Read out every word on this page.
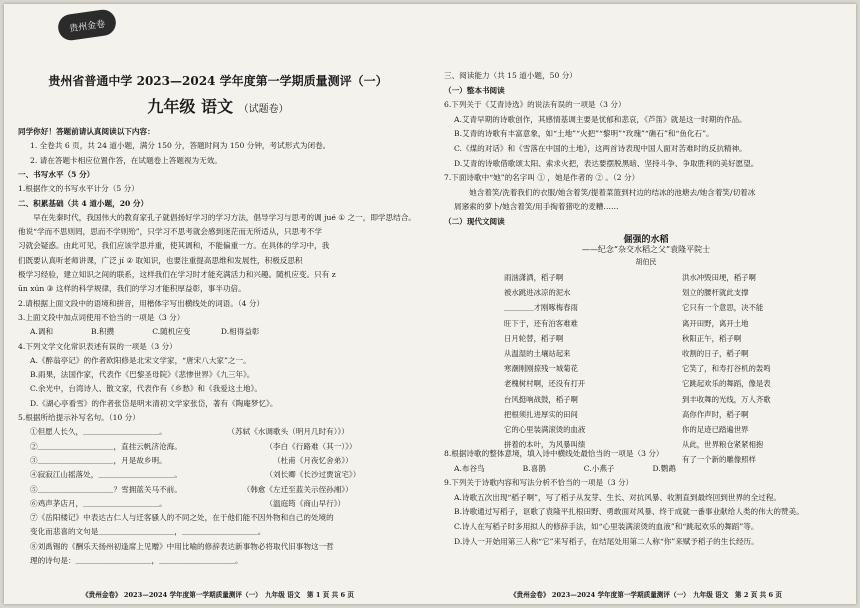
贵州金卷
贵州省普通中学 2023—2024 学年度第一学期质量测评（一）
九年级 语文 （试题卷）
同学你好！答题前请认真阅读以下内容：
1. 全卷共 6 页，共 24 道小题，满分 150 分，答题时间为 150 分钟，考试形式为闭卷。
2. 请在答题卡相应位置作答，在试题卷上答题视为无效。
一、书写水平（5 分）
1.根据作文的书写水平计分（5 分）
二、积累基础（共 4 道小题，20 分）
　　早在先秦时代，我国伟大的教育家孔子就倡扬好学习的学习方法，倡导学习与思考的调 jué ① 之一，即学思结合。
他说“学而不思则罔，思而不学则殆”，只学习不思考就会感到迷茫而无所适从，只思考不学
习就会疑惑。由此可见，我们应该学思并重，使其调和，不能偏重一方。在具体的学习中，我
们既要认真听老师讲课，广泛 jí ② 取知识，也要注重提高思维和发展性，积极反思积
极学习经验，建立知识之间的联系，这样我们在学习时才能充满活力和兴趣。随机应变。只有 z
ūn xún ③ 这样的科学规律，我们的学习才能积厚益彰，事半功倍。
2.请根据上面文段中的语境和拼音，用楷体字写出横线处的词语。（4 分）
3.上面文段中加点词使用不恰当的一项是（3 分）
A.调和　　　　　B.积攒　　　　　C.随机应变　　　　D.相得益彰
4.下列文学文化常识表述有误的一项是（3 分）
A.《醉翁亭记》的作者欧阳修是北宋文学家，“唐宋八大家”之一。
B.雨果，法国作家，代表作《巴黎圣母院》《悲惨世界》《九三年》。
C.余光中，台湾诗人、散文家，代表作有《乡愁》和《我爱这土地》。
D.《湖心亭看雪》的作者张岱是明末清初文学家张岱，著有《陶庵梦忆》。
5.根据所给提示补写名句。（10 分）
①但愿人长久，＿＿＿＿＿＿＿＿＿＿。　　　　　　　　　（苏轼《水调歌头（明月几时有）》）
②＿＿＿＿＿＿＿＿＿＿，直挂云帆济沧海。　　　　　　　　　　　　（李白《行路难（其一）》）
③＿＿＿＿＿＿＿＿＿＿，月是故乡明。　　　　　　　　　　　　　　　（杜甫《月夜忆舍弟》）
④寂寂江山摇落处，＿＿＿＿＿＿＿＿＿＿。　　　　　　　　　　　　（刘长卿《长沙过贾谊宅》）
⑤＿＿＿＿＿＿＿＿＿＿？雪拥蓝关马不前。　　　　　　　　　（韩愈《左迁至蓝关示侄孙湘》）
⑥鸡声茅店月，＿＿＿＿＿＿＿＿＿＿。　　　　　　　　　　　　　　（温庭筠《商山早行》）
⑦《岳阳楼记》中表达古仁人与迁客骚人的不同之处，在于他们能不因外物和自己的处境的
变化而悲喜的文句是＿＿＿＿＿＿＿＿＿＿，＿＿＿＿＿＿＿＿＿＿。
⑧刘禹锡的《酬乐天扬州初逢席上见赠》中用比喻的修辞表达新事物必将取代旧事物这一哲
理的诗句是：＿＿＿＿＿＿＿＿＿＿，＿＿＿＿＿＿＿＿＿＿。
《贵州金卷》 2023—2024 学年度第一学期质量测评（一）　九年级 语文　第 1 页 共 6 页
三、阅读能力（共 15 道小题，50 分）
（一）整本书阅读
6.下列关于《艾青诗选》的说法有误的一项是（3 分）
A.艾青早期的诗歌创作，其感情基调主要是忧郁和悲哀，《芦笛》就是这一时期的作品。
B.艾青的诗歌有丰富意象，如“土地”“火把”“黎明”“玫瑰”“礁石”和“鱼化石”。
C.《煤的对话》和《雪落在中国的土地》，这两首诗表现中国人面对苦难时的反抗精神。
D.艾青的诗歌借歌颂太阳、索求火把，表达要摆脱黑暗、坚持斗争、争取胜利的美好愿望。
7.下面诗歌中“她”的名字叫 ① ，她是作者的 ② 。（2 分）
　　她含着笑/洗着我们的衣服/她含着笑/提着菜篮到村边的结冰的池塘去/她含着笑/切着冰
屑窸索的萝卜/她含着笑/用手掏着猪吃的麦糟……
（二）现代文阅读
倔强的水稻
——纪念“杂交水稻之父”袁隆平院士
胡伯民
雨汹潇洒，稻子啊
被水跳进冰凉的泥水
＿＿＿＿才刚啄梅春雨
旺下于，还有泊客难难
日月轮替，稻子啊
从温湿的土壤站起来
寒潮刚刚掠残一城菊花
老槐树村啊，还没有打开
台风挺响战鼓，稻子啊
把根须扎进厚实的田间
它的心里装满滚烫的血液
拼着的本叶，为风暴叫绩
洪水冲毁田埂，稻子啊
划立的腰杆就此支撑
它只有一个意思，决不能
离开田野，离开土地
秋阳正午，稻子啊
收割的日子，稻子啊
它笑了，和寿打谷机的轰鸣
它跳起欢乐的舞蹈，像是表
到丰收舞的光线，万人齐歌
高你作声时，稻子啊
你的足迹已踏遍世界
从此，世界粮仓紧紧相抱
有了一个新的雕像照样
8.根据诗歌的整体意境，填入诗中横线处最恰当的一项是（3 分）
A.布谷鸟　　　　　B.喜鹊　　　　　C.小燕子　　　　　D.鹦鹉
9.下列关于诗歌内容和写法分析不恰当的一项是（3 分）
A.诗歌五次出现“稻子啊”，写了稻子从发芽、生长、对抗风暴、收割直到最终回到世界的全过程。
B.诗歌通过写稻子，讴歌了袁隆平扎根田野、勇敢面对风暴、终于成就一番事业献给人类的伟大的赞美。
C.诗人在写稻子时多用拟人的修辞手法，如“心里装满滚烫的血液”和“跳起欢乐的舞蹈”等。
D.诗人一开始用第三人称“它”来写稻子，在结尾处用第二人称“你”来赋予稻子的生长经历。
《贵州金卷》 2023—2024 学年度第一学期质量测评（一）　九年级 语文　第 2 页 共 6 页
